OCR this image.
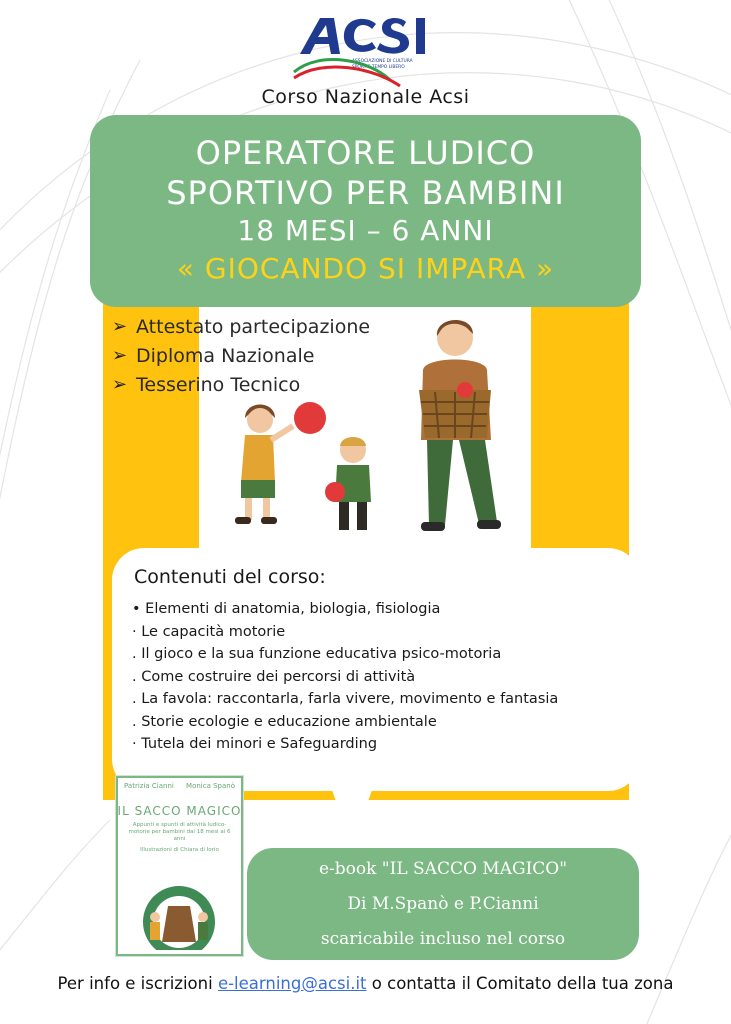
ASSOCIAZIONE DI CULTURA
SPORT E TEMPO LIBERO
Corso Nazionale Acsi
OPERATORE LUDICO
SPORTIVO PER BAMBINI
18 MESI – 6 ANNI
« GIOCANDO SI IMPARA »
➢ Attestato partecipazione
➢ Diploma Nazionale
➢ Tesserino Tecnico
Contenuti del corso:
• Elementi di anatomia, biologia, fisiologia
· Le capacità motorie
. Il gioco e la sua funzione educativa psico-motoria
. Come costruire dei percorsi di attività
. La favola: raccontarla, farla vivere, movimento e fantasia
. Storie ecologie e educazione ambientale
· Tutela dei minori e Safeguarding
Patrizia Cianni Monica Spanò
IL SACCO MAGICO
Appunti e spunti di attività ludico-motorie per bambini dai 18 mesi ai 6 anni
Illustrazioni di Chiara di Iorio
e-book "IL SACCO MAGICO"
Di M.Spanò e P.Cianni
scaricabile incluso nel corso
Per info e iscrizioni e-learning@acsi.it o contatta il Comitato della tua zona
